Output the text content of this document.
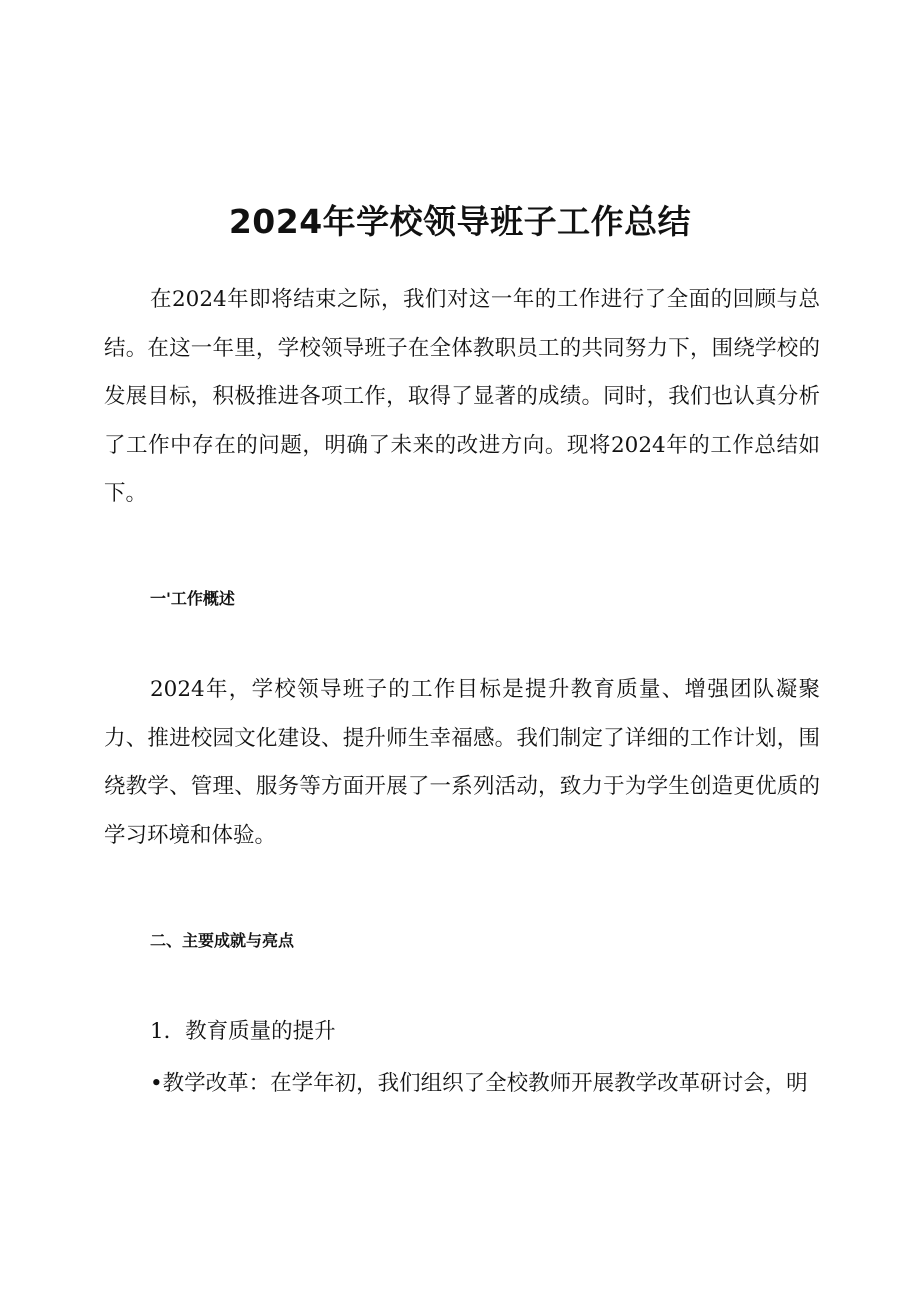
2024年学校领导班子工作总结

在2024年即将结束之际，我们对这一年的工作进行了全面的回顾与总结。在这一年里，学校领导班子在全体教职员工的共同努力下，围绕学校的发展目标，积极推进各项工作，取得了显著的成绩。同时，我们也认真分析了工作中存在的问题，明确了未来的改进方向。现将2024年的工作总结如下。

一'工作概述

2024年，学校领导班子的工作目标是提升教育质量、增强团队凝聚力、推进校园文化建设、提升师生幸福感。我们制定了详细的工作计划，围绕教学、管理、服务等方面开展了一系列活动，致力于为学生创造更优质的学习环境和体验。

二、主要成就与亮点

1．教育质量的提升

•教学改革：在学年初，我们组织了全校教师开展教学改革研讨会，明
